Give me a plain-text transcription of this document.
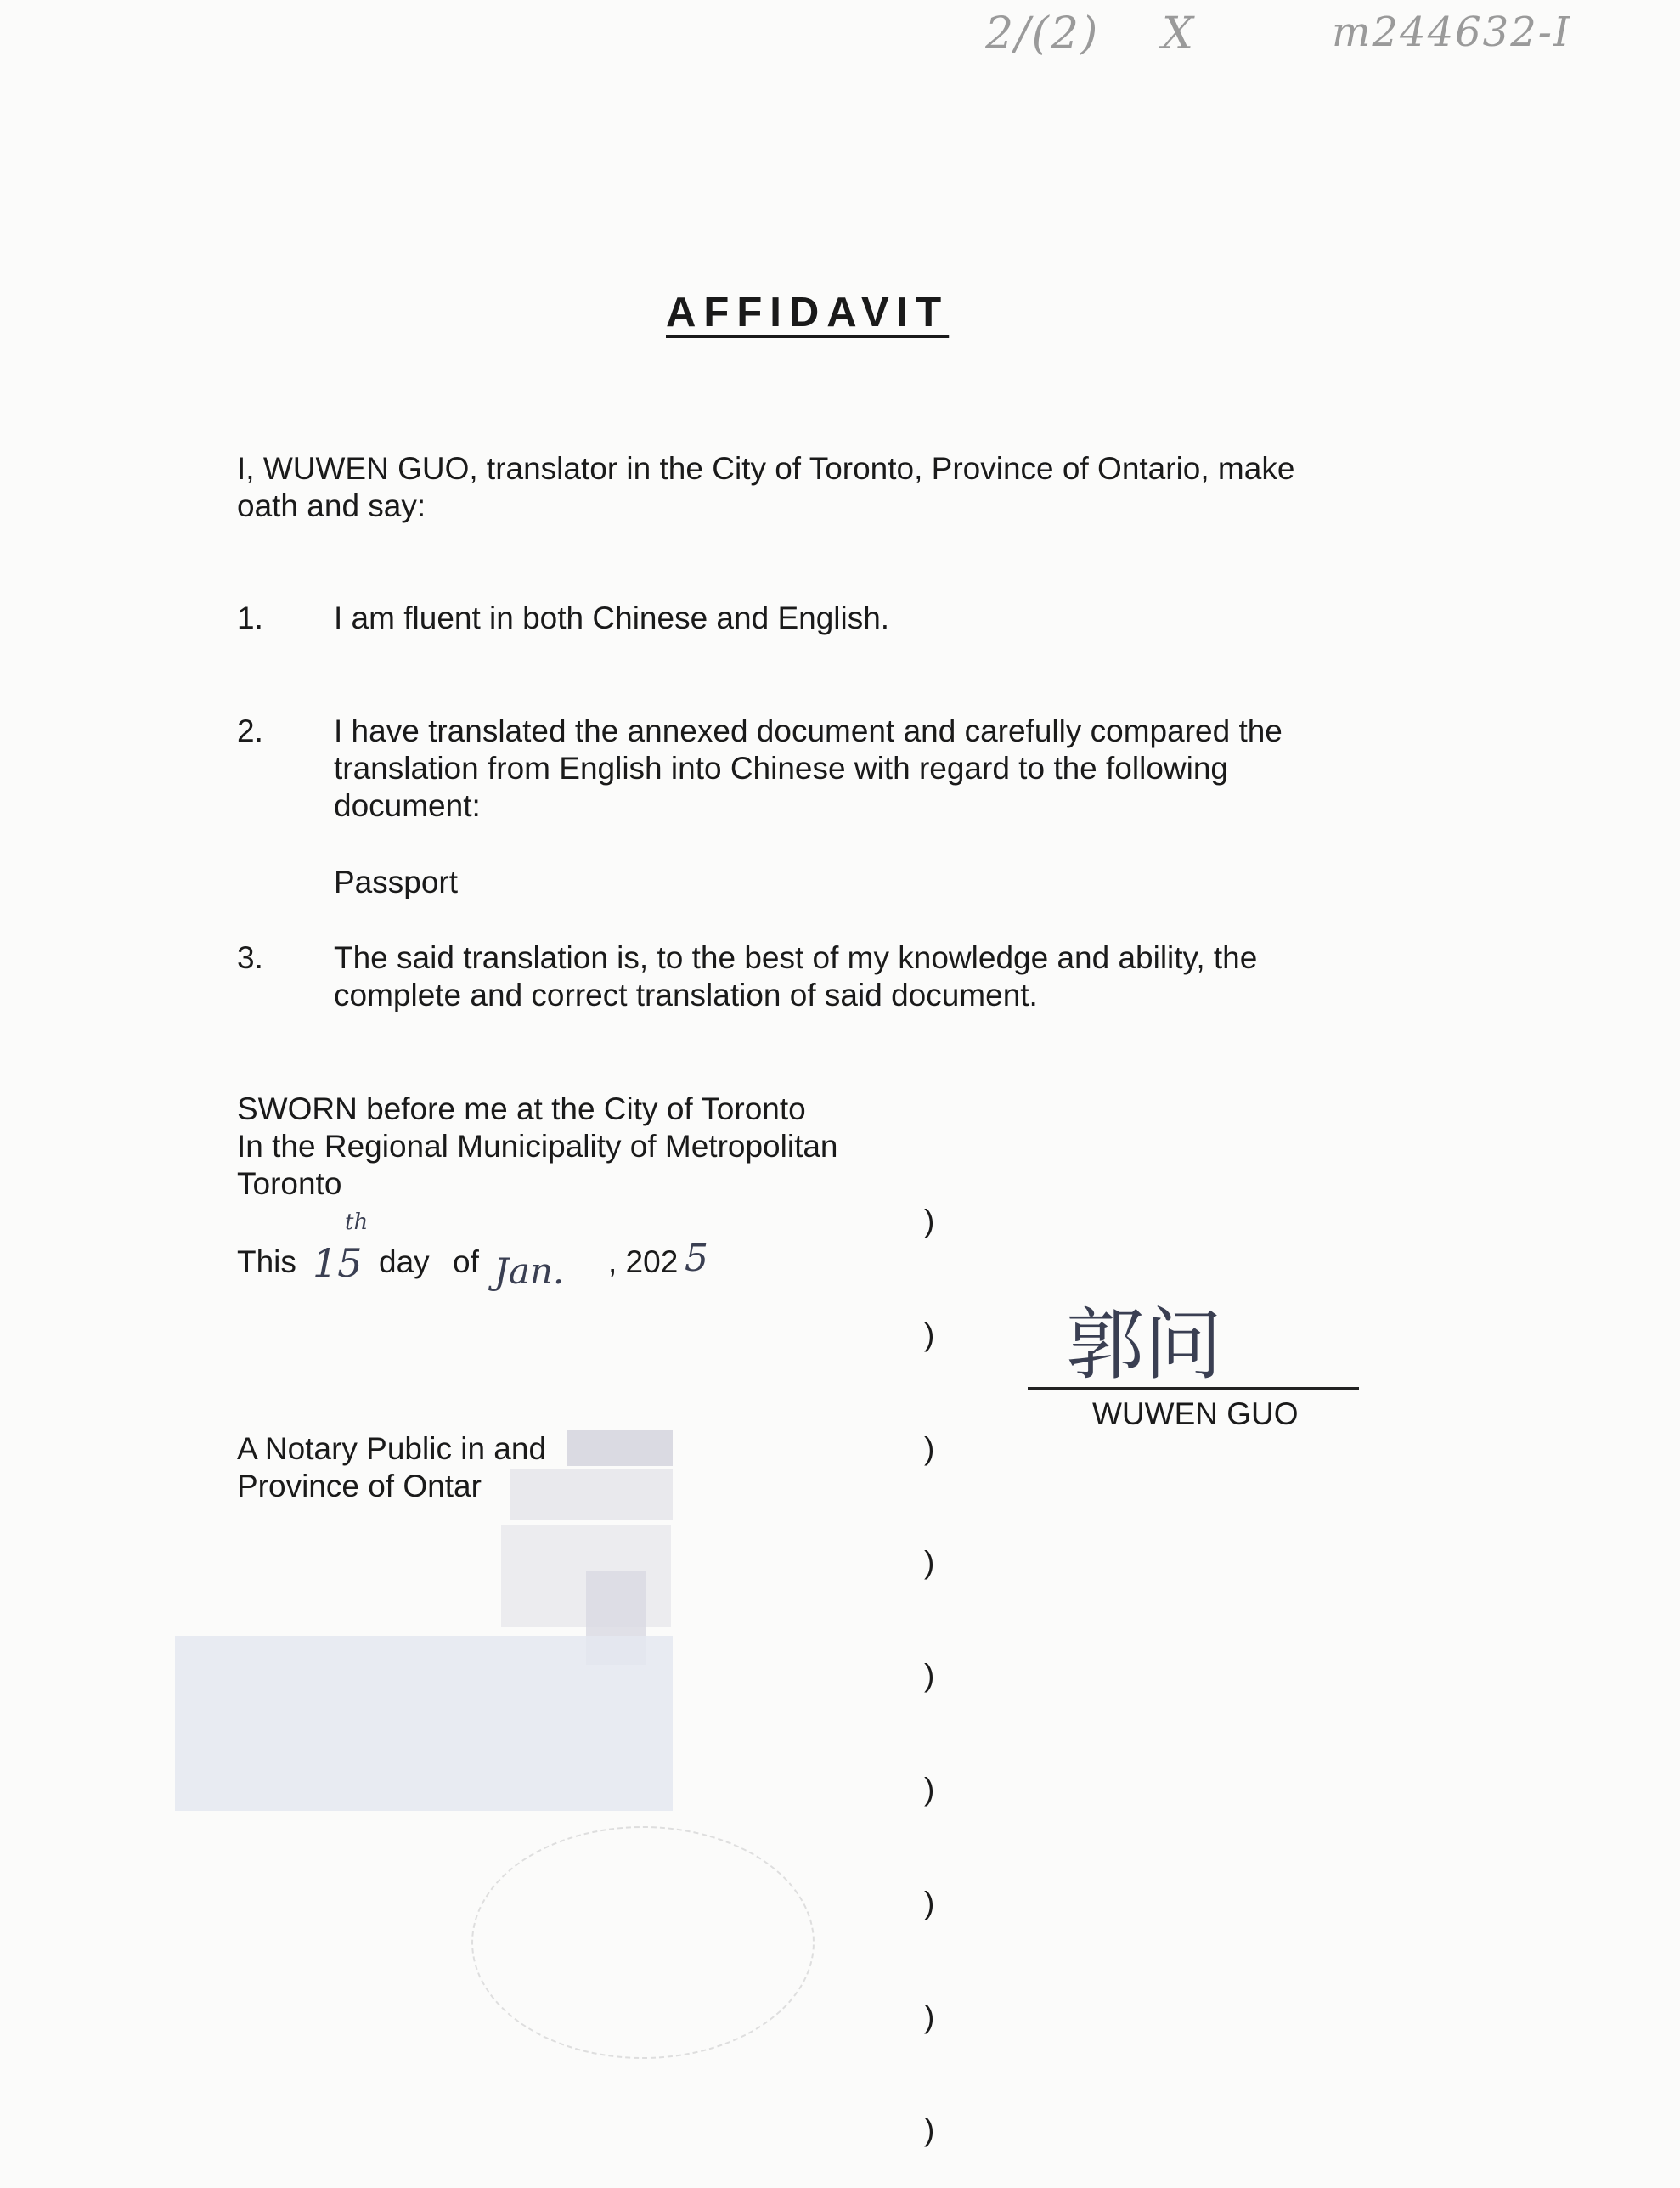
2/(2) X	m244632-I
AFFIDAVIT
I, WUWEN GUO, translator in the City of Toronto, Province of Ontario, make
oath and say:
1. I am fluent in both Chinese and English.
2. I have translated the annexed document and carefully compared the
translation from English into Chinese with regard to the following
document:
Passport
3. The said translation is, to the best of my knowledge and ability, the
complete and correct translation of said document.
SWORN before me at the City of Toronto
In the Regional Municipality of Metropolitan
Toronto
This 15
th
day of Jan. , 202 5
A Notary Public in and
Province of Ontar

)

)

)

)

)

)

)

)

)

郭问
WUWEN GUO
